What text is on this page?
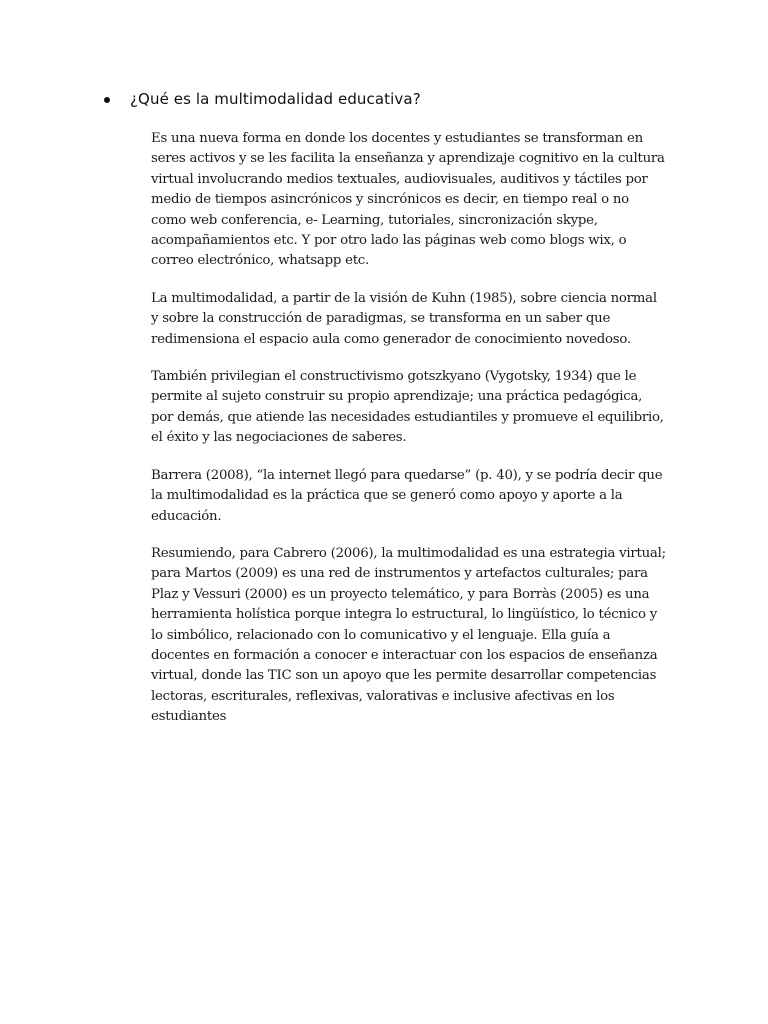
¿Qué es la multimodalidad educativa?

Es una nueva forma en donde los docentes y estudiantes se transforman en seres activos y se les facilita la enseñanza y aprendizaje cognitivo en la cultura virtual involucrando medios textuales, audiovisuales, auditivos y táctiles por medio de tiempos asincrónicos y sincrónicos es decir, en tiempo real o no como web conferencia, e- Learning, tutoriales, sincronización skype, acompañamientos etc. Y por otro lado las páginas web como blogs wix, o correo electrónico, whatsapp etc.

La multimodalidad, a partir de la visión de Kuhn (1985), sobre ciencia normal y sobre la construcción de paradigmas, se transforma en un saber que redimensiona el espacio aula como generador de conocimiento novedoso.

También privilegian el constructivismo gotszkyano (Vygotsky, 1934) que le permite al sujeto construir su propio aprendizaje; una práctica pedagógica, por demás, que atiende las necesidades estudiantiles y promueve el equilibrio, el éxito y las negociaciones de saberes.

Barrera (2008), “la internet llegó para quedarse” (p. 40), y se podría decir que la multimodalidad es la práctica que se generó como apoyo y aporte a la educación.

Resumiendo, para Cabrero (2006), la multimodalidad es una estrategia virtual; para Martos (2009) es una red de instrumentos y artefactos culturales; para Plaz y Vessuri (2000) es un proyecto telemático, y para Borràs (2005) es una herramienta holística porque integra lo estructural, lo lingüístico, lo técnico y lo simbólico, relacionado con lo comunicativo y el lenguaje. Ella guía a docentes en formación a conocer e interactuar con los espacios de enseñanza virtual, donde las TIC son un apoyo que les permite desarrollar competencias lectoras, escriturales, reflexivas, valorativas e inclusive afectivas en los estudiantes
